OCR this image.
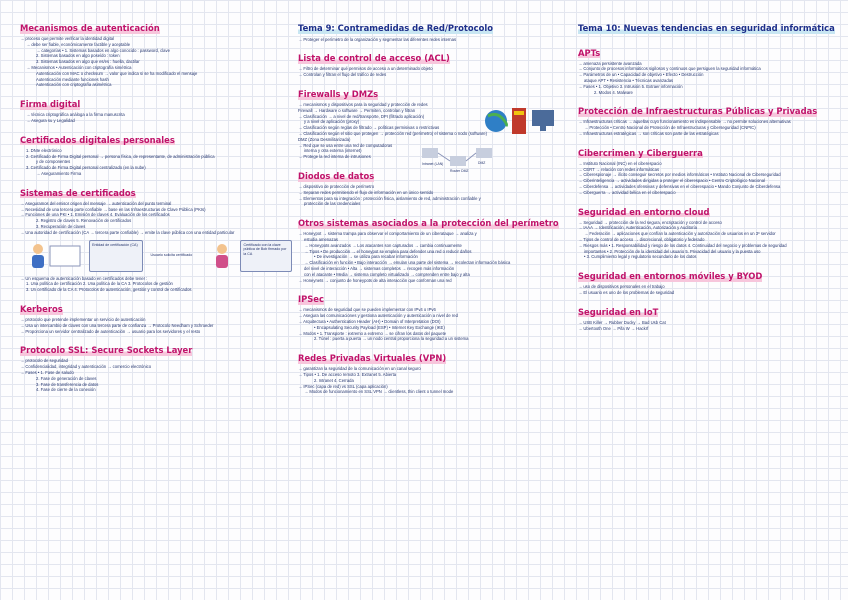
Mecanismos de autenticación
→ proceso que permite verificar la identidad digital
→ debe ser fiable, económicamente factible y aceptable
→ categorías • 1. Sistemas basados en algo conocido : password, clave
2. Sistemas basados en algo poseído : token
3. Sistemas basados en algo que es/es : huella, dactilar
→ Mecanismos • Autenticación con criptografía simétrica
Autenticación con MAC o checksum → valor que indica si se ha modificado el mensaje
Autenticación mediante funciones hash
Autenticación con criptografía asimétrica
Firma digital
→ técnica criptográfica análoga a la firma manuscrita
→ Asegura su y Legalidad
Certificados digitales personales
1. DNIe electrónico
2. Certificado de Firma Digital personal → persona física, de representante, de administración pública
y de componentes
3. Certificado de Firma Digital personal centralizado (en la nube)
→ Aseguramiento Firma
Sistemas de certificados
→ Aseguramos del emisor origen del mensaje → autenticación del punto terminal
→ Necesidad de una tercera parte confiable → base en las Infraestructuras de Clave Pública (PKIs)
→ Funciones de una PKI • 1. Emisión de claves 4. Evaluación de los certificados
2. Registro de claves 5. Renovación de certificados
3. Recuperación de claves
→ Una autoridad de certificación (CA → tercera parte confiable) → emite la clave pública con una entidad particular
Entidad de certificación (CA)
Usuario solicita certificado
Certificado con la clave pública de Bob firmado por la CA
→ Un esquema de autenticación basado en certificados debe tener :
1. Una política de certificación 2. Una política de la CA 3. Protocolos de gestión
3. Un certificado de la CA 4. Protocolos de autenticación, gestión y control de certificados
Kerberos
→ protocolo que pretende implementar un servicio de autenticación
→ Usa un intercambio de claves con una tercera parte de confianza → Protocolo Needham y Schroeder
→ Proporciona un servidor centralizado de autenticación → usuario para los servidores y el resto
Protocolo SSL: Secure Sockets Layer
→ protocolo de seguridad
→ Confidencialidad, integridad y autenticación → comercio electrónico
→ Fases • 1. Fase de saludo
2. Fase de generación de claves
3. Fase de transferencia de datos
4. Fase de cierre de la conexión
Tema 9: Contramedidas de Red/Protocolo
→ Proteger el perímetro de la organización y segmentar las diferentes redes internas
Lista de control de acceso (ACL)
→ Filtro de determinar qué permisos de acceso a un determinado objeto
→ Controlan y filtran el flujo del tráfico de redes
Firewalls y DMZs
→ mecanismos y dispositivos para la seguridad y protección de redes
Firewall → Hardware o software → Permiten, controlan y filtran
→ Clasificación → a nivel de red/transporte, DPI (filtrado aplicación)
y a nivel de aplicación (proxy)
→ Clasificación según reglas de filtrado → políticas permisivas o restrictivas
→ Clasificación según el sitio que protegen → protección red (perímetro) el sistema o nodo (software)
DMZ (Zona Desmilitarizada)
→ Red que se usa entre una red de computadoras
interna y otra externa (internet)
→ Protege la red interna de intrusiones
Intranet (LAN)	DMZ
Router DMZ
Diodos de datos
→ dispositivo de protección de perímetro
→ Separan redes permitiendo el flujo de información en un único sentido
→ Elementos para su integración : protección física, aislamiento de red, administración confiable y
protección de las credenciales
Otros sistemas asociados a la protección del perímetro
→ Honeypot → sistema trampa para observar el comportamiento de un ciberataque → analiza y
estudia amenazas
→ Honeypots avanzados → Los atacantes son capturados → cambia continuamente
→ Tipos • De producción → el honeypot se emplea para defender una red o reducir daños
• De investigación → se utiliza para recabar información
→ Clasificación en función • Bajo interacción → emulan una parte del sistema → recolectan información básica
del nivel de interacción • Alta → sistemas completos → recogen más información
con el atacante • Media → sistema completo virtualizado → comprenden entre bajo y alta
→ Honeynets → conjunto de honeypots de alta interacción que conforman una red
IPSec
→ mecanismos de seguridad que se pueden implementar con IPv4 o IPv6
→ Asegura las comunicaciones y gestiona autenticación y autenticación a nivel de red
→ Arquitectura • Authentication Header (AH) • Domain of Interpretation (DOI)
• Encapsulating Security Payload (ESP) • Internet Key Exchange (IKE)
→ Modos • 1. Transporte : extremo a extremo → se cifran los datos del paquete
2. Túnel : puerta a puerta → un nodo central proporciona la seguridad a un sistema
Redes Privadas Virtuales (VPN)
→ garantizan la seguridad de la comunicación en un canal seguro
→ Tipos • 1. De acceso remoto 3. Extranet 5. Abierta
2. Intranet 4. Cerrada
→ IPSec (capa de red) vs SSL (capa aplicación)
→ Modos de funcionamiento en SSL VPN → clientless, thin client o tunnel mode
Tema 10: Nuevas tendencias en seguridad informática
APTs
→ amenaza persistente avanzada
→ Conjunto de procesos informáticos sigilosos y continuos que persiguen la seguridad informática
→ Parámetros de un • Capacidad de objetivo • Efecto • Destrucción
ataque APT • Resistencia • Técnicas avanzadas
→ Fases • 1. Objetivo 3. Intrusión 5. Extraer información
2. Modos 4. Malware
Protección de Infraestructuras Públicas y Privadas
→ Infraestructuras críticas → aquellas cuyo funcionamiento es indispensable → no permite soluciones alternativas
→ Protección • Centro Nacional de Protección de Infraestructuras y Ciberseguridad (CNPIC)
→ Infraestructuras estratégicas → son críticas son parte de las estratégicas
Cibercrimen y Ciberguerra
→ Instituto Nacional (INC) en el ciberespacio
→ CERT → relación con redes informáticas
→ Ciberespionaje → ilícito conseguir secretos por medios informáticos • Instituto Nacional de Ciberseguridad
→ Ciberinteligencia → actividades dirigidas a proteger el ciberespacio • Centro Criptológico Nacional
→ Ciberdefensa → actividades ofensivas y defensivas en el ciberespacio • Mando Conjunto de Ciberdefensa
→ Ciberguerra → actividad bélica en el ciberespacio
Seguridad en entorno cloud
→ Seguridad → protección de la red segura, encriptación y control de acceso
→ IAAA → Identificación, Autenticación, Autorización y Auditoría
→ Federación → aplicaciones que confían la autenticación y autorización de usuarios en un 3º servidor
→ Tipos de control de acceso → discrecional, obligatorio y federado
→ Riesgos más • 1. Responsabilidad y riesgo de los datos 4. Continuidad del negocio y problemas de seguridad
importantes • 2. Protección de la identidad del usuario 5. Privacidad del usuario y la puesta uso
• 3. Cumplimiento legal y regulatorio secundario de los datos
Seguridad en entornos móviles y BYOD
→ uso de dispositivos personales en el trabajo
→ El usuario es uno de los problemas de seguridad
Seguridad en IoT
→ USB Killer → Rubber Ducky → Bad Usb Cat
→ Ubertooth One → Pifa W → Hackrf
